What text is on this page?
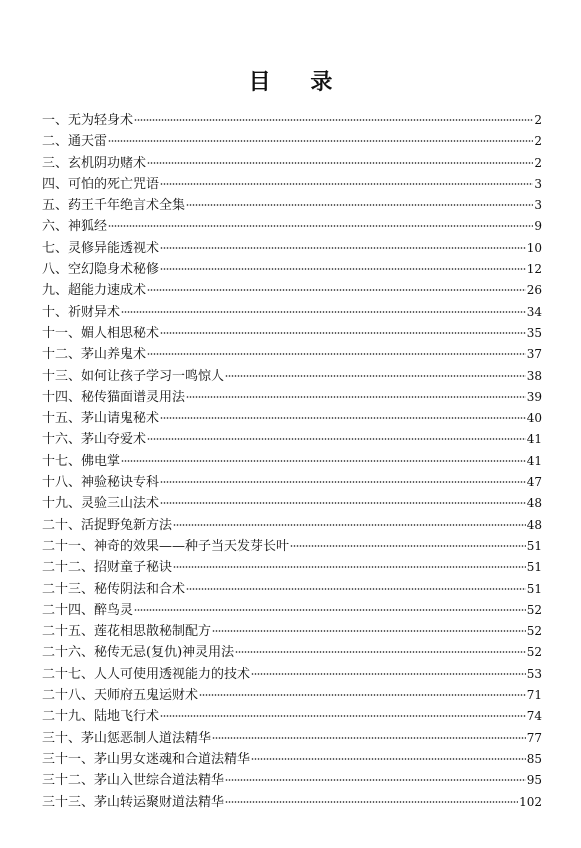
目 录
一、无为轻身术	2
二、通天雷	2
三、玄机阴功赌术	2
四、可怕的死亡咒语	3
五、药王千年绝言术全集	3
六、神狐经	9
七、灵修异能透视术	10
八、空幻隐身术秘修	12
九、超能力速成术	26
十、祈财异术	34
十一、媚人相思秘术	35
十二、茅山养鬼术	37
十三、如何让孩子学习一鸣惊人	38
十四、秘传猫面谱灵用法	39
十五、茅山请鬼秘术	40
十六、茅山夺爱术	41
十七、佛电掌	41
十八、神验秘诀专科	47
十九、灵验三山法术	48
二十、活捉野兔新方法	48
二十一、神奇的效果——种子当天发芽长叶	51
二十二、招财童子秘诀	51
二十三、秘传阴法和合术	51
二十四、醉鸟灵	52
二十五、莲花相思散秘制配方	52
二十六、秘传无忌(复仇)神灵用法	52
二十七、人人可使用透视能力的技术	53
二十八、天师府五鬼运财术	71
二十九、陆地飞行术	74
三十、茅山惩恶制人道法精华	77
三十一、茅山男女迷魂和合道法精华	85
三十二、茅山入世综合道法精华	95
三十三、茅山转运聚财道法精华	102
